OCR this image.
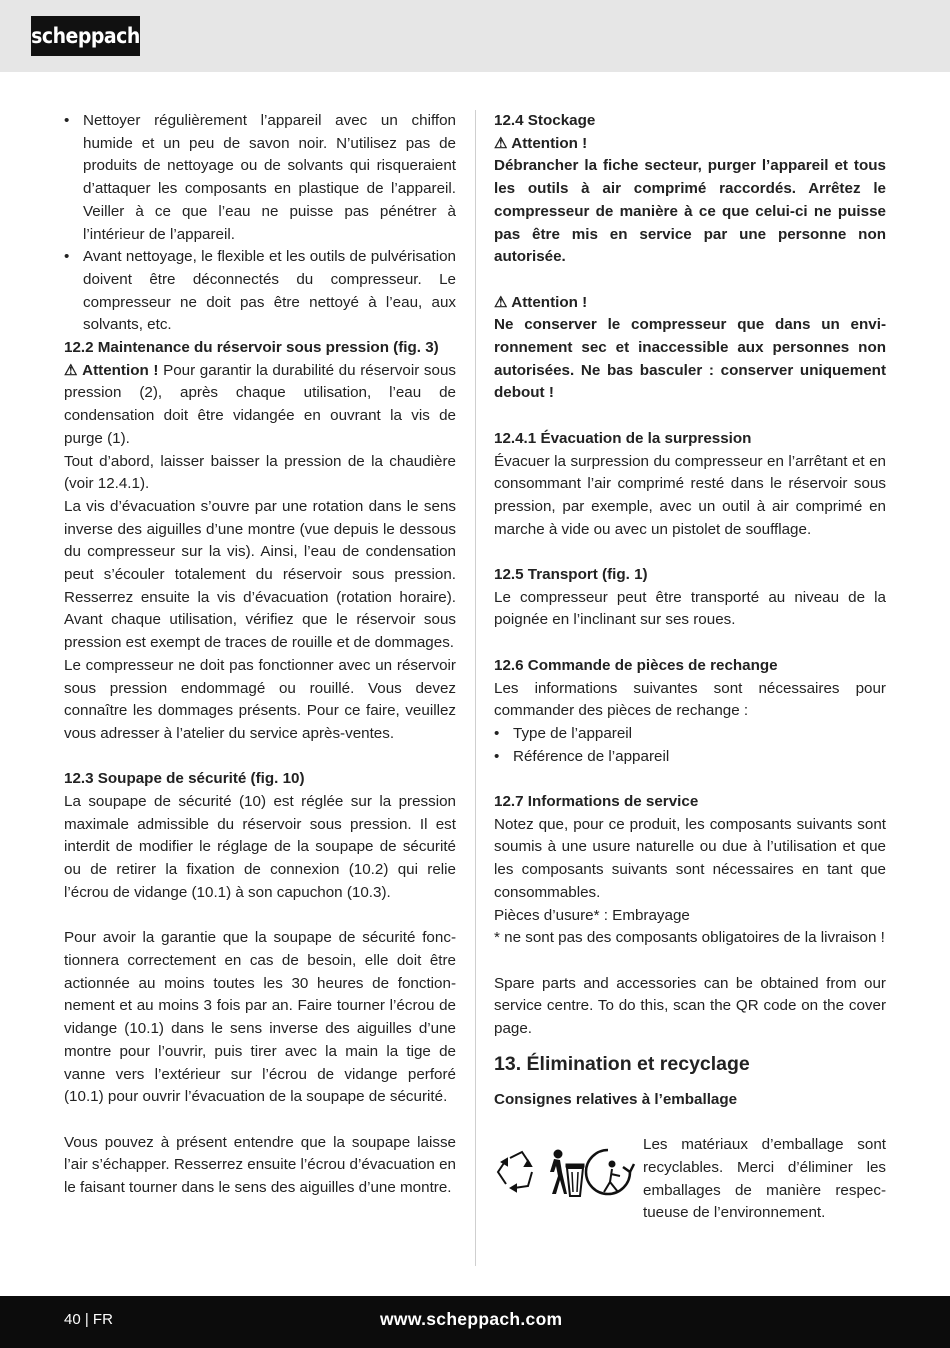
scheppach
• Nettoyer régulièrement l’appareil avec un chiffon humide et un peu de savon noir. N’utilisez pas de produits de nettoyage ou de solvants qui risqueraient d’attaquer les composants en plastique de l’appareil. Veiller à ce que l’eau ne puisse pas pénétrer à l’intérieur de l’appareil.
• Avant nettoyage, le flexible et les outils de pulvérisation doivent être déconnectés du compresseur. Le compresseur ne doit pas être nettoyé à l’eau, aux solvants, etc.

12.2 Maintenance du réservoir sous pression (fig. 3)

⚠ Attention ! Pour garantir la durabilité du réservoir sous pression (2), après chaque utilisation, l’eau de condensation doit être vidangée en ouvrant la vis de purge (1).

Tout d’abord, laisser baisser la pression de la chaudière (voir 12.4.1).

La vis d’évacuation s’ouvre par une rotation dans le sens inverse des aiguilles d’une montre (vue depuis le dessous du compresseur sur la vis). Ainsi, l’eau de condensation peut s’écouler totalement du réservoir sous pression. Resserrez ensuite la vis d’évacuation (rotation horaire). Avant chaque utilisation, vérifiez que le réservoir sous pression est exempt de traces de rouille et de dommages.

Le compresseur ne doit pas fonctionner avec un réservoir sous pression endommagé ou rouillé. Vous devez connaître les dommages présents. Pour ce faire, veuillez vous adresser à l’atelier du service après-ventes.

12.3 Soupape de sécurité (fig. 10)

La soupape de sécurité (10) est réglée sur la pression maximale admissible du réservoir sous pression. Il est interdit de modifier le réglage de la soupape de sécurité ou de retirer la fixation de connexion (10.2) qui relie l’écrou de vidange (10.1) à son capuchon (10.3).

Pour avoir la garantie que la soupape de sécurité fonctionnera correctement en cas de besoin, elle doit être actionnée au moins toutes les 30 heures de fonctionnement et au moins 3 fois par an. Faire tourner l’écrou de vidange (10.1) dans le sens inverse des aiguilles d’une montre pour l’ouvrir, puis tirer avec la main la tige de vanne vers l’extérieur sur l’écrou de vidange perforé (10.1) pour ouvrir l’évacuation de la soupape de sécurité.

Vous pouvez à présent entendre que la soupape laisse l’air s’échapper. Resserrez ensuite l’écrou d’évacuation en le faisant tourner dans le sens des aiguilles d’une montre.

12.4 Stockage

⚠ Attention !

Débrancher la fiche secteur, purger l’appareil et tous les outils à air comprimé raccordés. Arrêtez le compresseur de manière à ce que celui-ci ne puisse pas être mis en service par une personne non autorisée.

⚠ Attention !

Ne conserver le compresseur que dans un environnement sec et inaccessible aux personnes non autorisées. Ne bas basculer : conserver uniquement debout !

12.4.1 Évacuation de la surpression

Évacuer la surpression du compresseur en l’arrêtant et en consommant l’air comprimé resté dans le réservoir sous pression, par exemple, avec un outil à air comprimé en marche à vide ou avec un pistolet de soufflage.

12.5 Transport (fig. 1)

Le compresseur peut être transporté au niveau de la poignée en l’inclinant sur ses roues.

12.6 Commande de pièces de rechange

Les informations suivantes sont nécessaires pour commander des pièces de rechange :

• Type de l’appareil
• Référence de l’appareil

12.7 Informations de service

Notez que, pour ce produit, les composants suivants sont soumis à une usure naturelle ou due à l’utilisation et que les composants suivants sont nécessaires en tant que consommables.

Pièces d’usure* : Embrayage

* ne sont pas des composants obligatoires de la livraison !

Spare parts and accessories can be obtained from our service centre. To do this, scan the QR code on the cover page.

13. Élimination et recyclage

Consignes relatives à l’emballage

Les matériaux d’emballage sont recyclables. Merci d’éliminer les emballages de manière respectueuse de l’environnement.
40 | FR	www.scheppach.com
